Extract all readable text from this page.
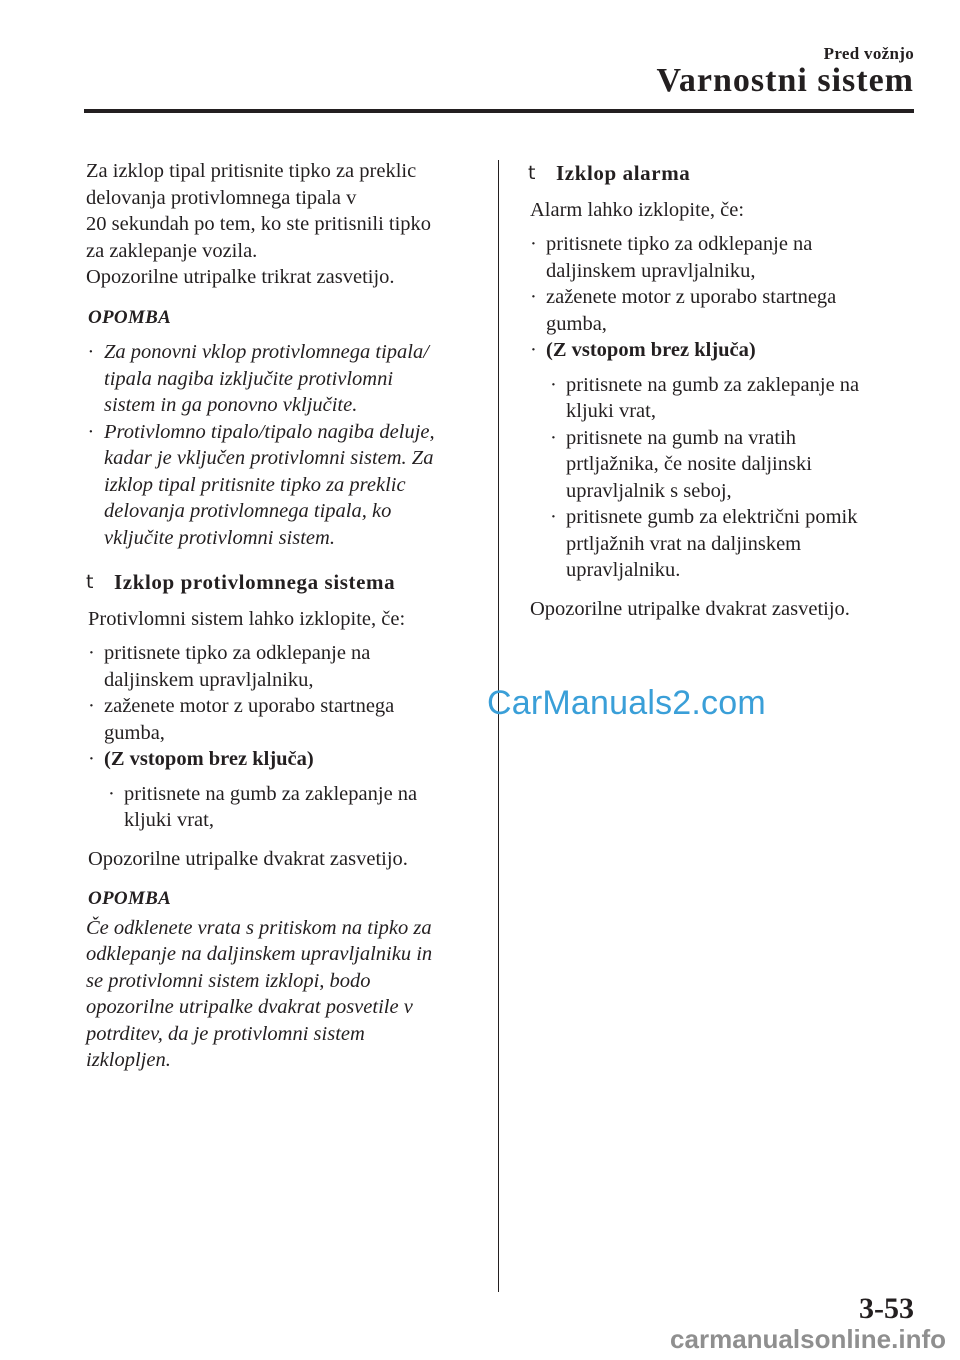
Pred vožnjo
Varnostni sistem

Za izklop tipal pritisnite tipko za preklic

delovanja protivlomnega tipala v

20 sekundah po tem, ko ste pritisnili tipko

za zaklepanje vozila.

Opozorilne utripalke trikrat zasvetijo.

OPOMBA
· Za ponovni vklop protivlomnega tipala/

tipala nagiba izključite protivlomni

sistem in ga ponovno vključite.

· Protivlomno tipalo/tipalo nagiba deluje,

kadar je vključen protivlomni sistem. Za

izklop tipal pritisnite tipko za preklic

delovanja protivlomnega tipala, ko

vključite protivlomni sistem.

t Izklop protivlomnega sistema

Protivlomni sistem lahko izklopite, če:

· pritisnete tipko za odklepanje na

daljinskem upravljalniku,

· zaženete motor z uporabo startnega

gumba,

· (Z vstopom brez ključa)

· pritisnete na gumb za zaklepanje na

kljuki vrat,

Opozorilne utripalke dvakrat zasvetijo.

OPOMBA

Če odklenete vrata s pritiskom na tipko za

odklepanje na daljinskem upravljalniku in

se protivlomni sistem izklopi, bodo

opozorilne utripalke dvakrat posvetile v

potrditev, da je protivlomni sistem

izklopljen.

t Izklop alarma

Alarm lahko izklopite, če:

· pritisnete tipko za odklepanje na

daljinskem upravljalniku,

· zaženete motor z uporabo startnega

gumba,

· (Z vstopom brez ključa)

· pritisnete na gumb za zaklepanje na

kljuki vrat,

· pritisnete na gumb na vratih

prtljažnika, če nosite daljinski

upravljalnik s seboj,

· pritisnete gumb za električni pomik

prtljažnih vrat na daljinskem

upravljalniku.

Opozorilne utripalke dvakrat zasvetijo.

CarManuals2.com
3-53
carmanualsonline.info
